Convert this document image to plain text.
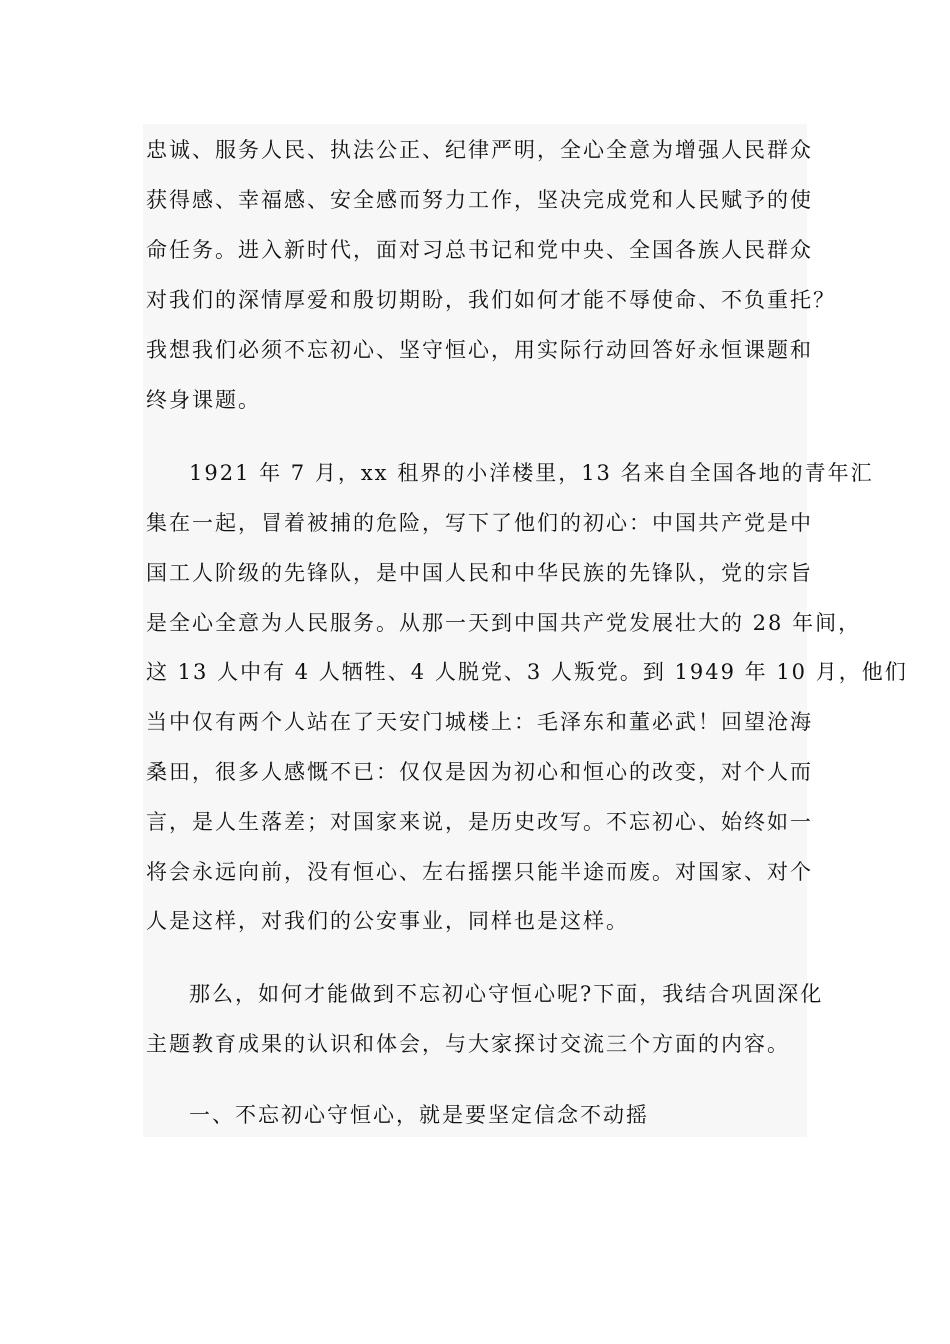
忠诚、服务人民、执法公正、纪律严明，全心全意为增强人民群众
获得感、幸福感、安全感而努力工作，坚决完成党和人民赋予的使
命任务。进入新时代，面对习总书记和党中央、全国各族人民群众
对我们的深情厚爱和殷切期盼，我们如何才能不辱使命、不负重托？
我想我们必须不忘初心、坚守恒心，用实际行动回答好永恒课题和
终身课题。
1921 年 7 月，xx 租界的小洋楼里，13 名来自全国各地的青年汇
集在一起，冒着被捕的危险，写下了他们的初心：中国共产党是中
国工人阶级的先锋队，是中国人民和中华民族的先锋队，党的宗旨
是全心全意为人民服务。从那一天到中国共产党发展壮大的 28 年间，
这 13 人中有 4 人牺牲、4 人脱党、3 人叛党。到 1949 年 10 月，他们
当中仅有两个人站在了天安门城楼上：毛泽东和董必武！回望沧海
桑田，很多人感慨不已：仅仅是因为初心和恒心的改变，对个人而
言，是人生落差；对国家来说，是历史改写。不忘初心、始终如一
将会永远向前，没有恒心、左右摇摆只能半途而废。对国家、对个
人是这样，对我们的公安事业，同样也是这样。
那么，如何才能做到不忘初心守恒心呢?下面，我结合巩固深化
主题教育成果的认识和体会，与大家探讨交流三个方面的内容。
一、不忘初心守恒心，就是要坚定信念不动摇
